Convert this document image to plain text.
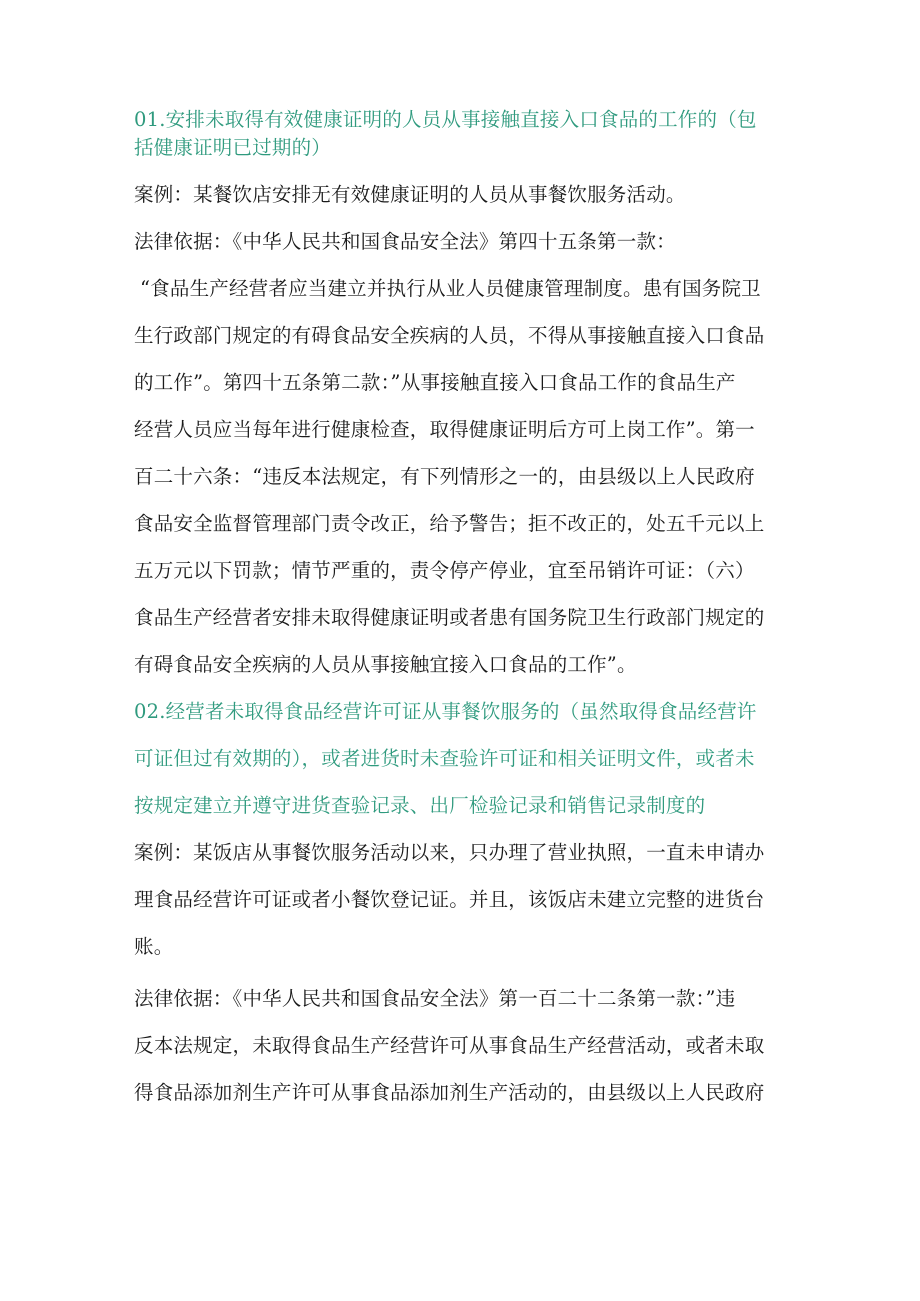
01.安排未取得有效健康证明的人员从事接触直接入口食品的工作的（包
括健康证明已过期的）
案例：某餐饮店安排无有效健康证明的人员从事餐饮服务活动。
法律依据：《中华人民共和国食品安全法》第四十五条第一款：
“食品生产经营者应当建立并执行从业人员健康管理制度。患有国务院卫
生行政部门规定的有碍食品安全疾病的人员，不得从事接触直接入口食品
的工作”。第四十五条第二款：”从事接触直接入口食品工作的食品生产
经营人员应当每年进行健康检查，取得健康证明后方可上岗工作”。第一
百二十六条：“违反本法规定，有下列情形之一的，由县级以上人民政府
食品安全监督管理部门责令改正，给予警告；拒不改正的，处五千元以上
五万元以下罚款；情节严重的，责令停产停业，宜至吊销许可证：（六）
食品生产经营者安排未取得健康证明或者患有国务院卫生行政部门规定的
有碍食品安全疾病的人员从事接触宜接入口食品的工作”。
02.经营者未取得食品经营许可证从事餐饮服务的（虽然取得食品经营许
可证但过有效期的），或者进货时未查验许可证和相关证明文件，或者未
按规定建立并遵守进货查验记录、出厂检验记录和销售记录制度的
案例：某饭店从事餐饮服务活动以来，只办理了营业执照，一直未申请办
理食品经营许可证或者小餐饮登记证。并且，该饭店未建立完整的进货台
账。
法律依据：《中华人民共和国食品安全法》第一百二十二条第一款：”违
反本法规定，未取得食品生产经营许可从事食品生产经营活动，或者未取
得食品添加剂生产许可从事食品添加剂生产活动的，由县级以上人民政府
